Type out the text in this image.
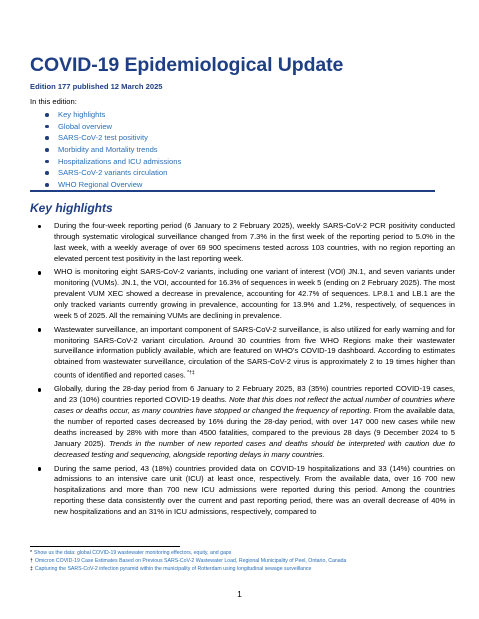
COVID-19 Epidemiological Update
Edition 177 published 12 March 2025
In this edition:
Key highlights
Global overview
SARS-CoV-2 test positivity
Morbidity and Mortality trends
Hospitalizations and ICU admissions
SARS-CoV-2 variants circulation
WHO Regional Overview
Key highlights
During the four-week reporting period (6 January to 2 February 2025), weekly SARS-CoV-2 PCR positivity conducted through systematic virological surveillance changed from 7.3% in the first week of the reporting period to 5.0% in the last week, with a weekly average of over 69 900 specimens tested across 103 countries, with no region reporting an elevated percent test positivity in the last reporting week.
WHO is monitoring eight SARS-CoV-2 variants, including one variant of interest (VOI) JN.1, and seven variants under monitoring (VUMs). JN.1, the VOI, accounted for 16.3% of sequences in week 5 (ending on 2 February 2025). The most prevalent VUM XEC showed a decrease in prevalence, accounting for 42.7% of sequences. LP.8.1 and LB.1 are the only tracked variants currently growing in prevalence, accounting for 13.9% and 1.2%, respectively, of sequences in week 5 of 2025. All the remaining VUMs are declining in prevalence.
Wastewater surveillance, an important component of SARS-CoV-2 surveillance, is also utilized for early warning and for monitoring SARS-CoV-2 variant circulation. Around 30 countries from five WHO Regions make their wastewater surveillance information publicly available, which are featured on WHO’s COVID-19 dashboard. According to estimates obtained from wastewater surveillance, circulation of the SARS-CoV-2 virus is approximately 2 to 19 times higher than counts of identified and reported cases. *†‡
Globally, during the 28-day period from 6 January to 2 February 2025, 83 (35%) countries reported COVID-19 cases, and 23 (10%) countries reported COVID-19 deaths. Note that this does not reflect the actual number of countries where cases or deaths occur, as many countries have stopped or changed the frequency of reporting. From the available data, the number of reported cases decreased by 16% during the 28-day period, with over 147 000 new cases while new deaths increased by 28% with more than 4500 fatalities, compared to the previous 28 days (9 December 2024 to 5 January 2025). Trends in the number of new reported cases and deaths should be interpreted with caution due to decreased testing and sequencing, alongside reporting delays in many countries.
During the same period, 43 (18%) countries provided data on COVID-19 hospitalizations and 33 (14%) countries on admissions to an intensive care unit (ICU) at least once, respectively. From the available data, over 16 700 new hospitalizations and more than 700 new ICU admissions were reported during this period. Among the countries reporting these data consistently over the current and past reporting period, there was an overall decrease of 40% in new hospitalizations and an 31% in ICU admissions, respectively, compared to
* Show us the data: global COVID-19 wastewater monitoring effectors, equity, and gaps
† Omicron COVID-19 Case Estimates Based on Previous SARS-CoV-2 Wastewater Load, Regional Municipality of Peel, Ontario, Canada
‡ Capturing the SARS-CoV-2 infection pyramid within the municipality of Rotterdam using longitudinal sewage surveillance
1
